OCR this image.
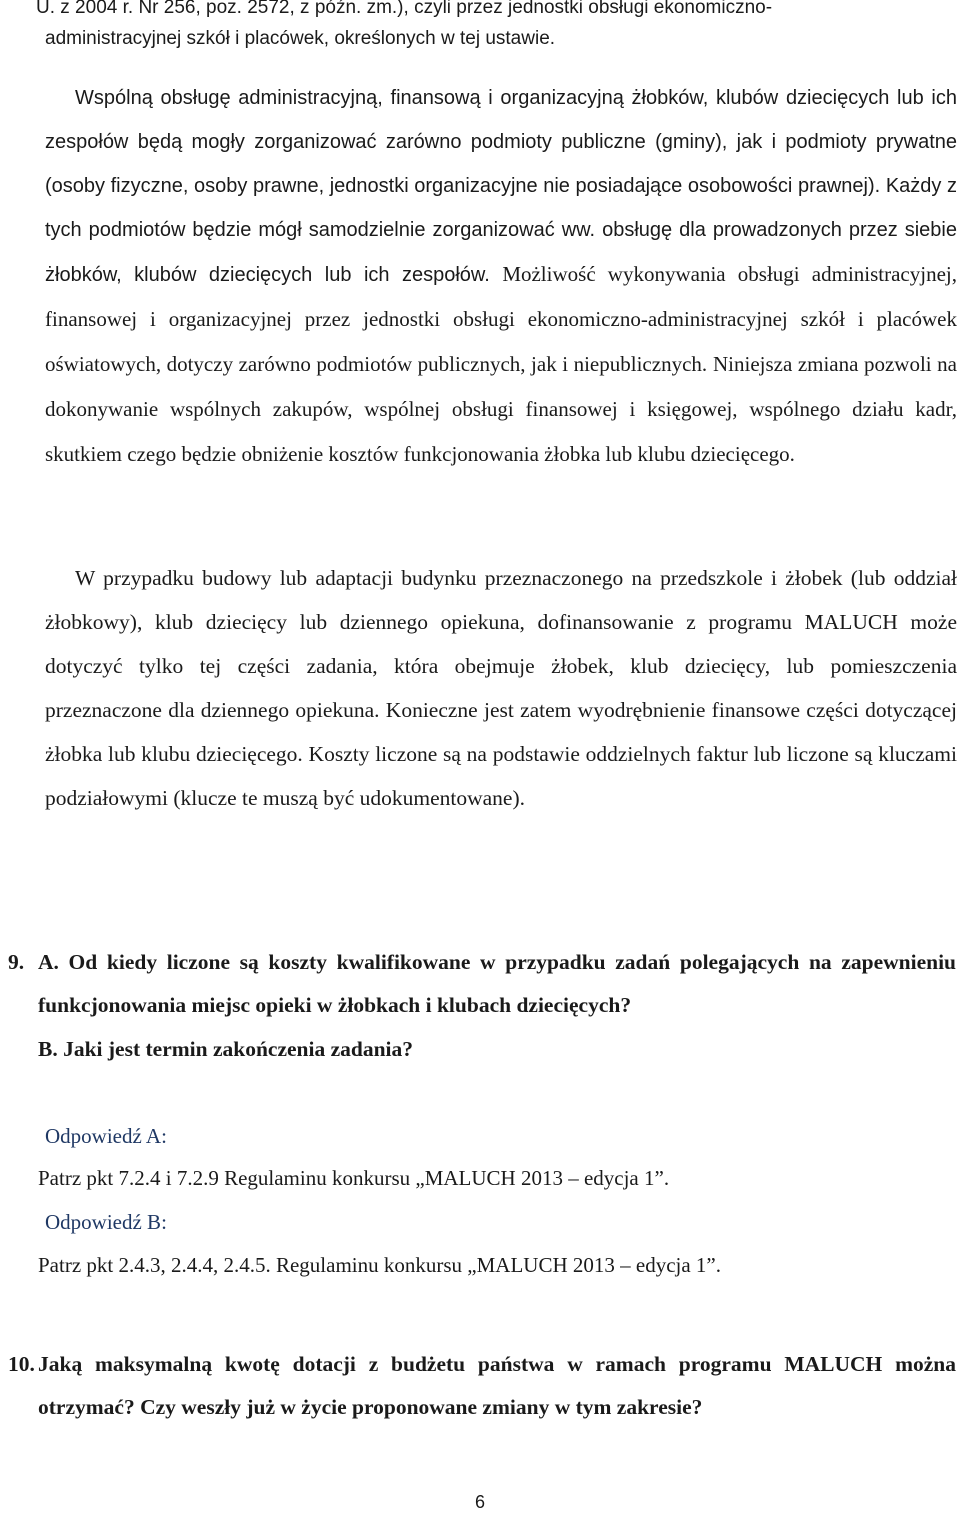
U. z 2004 r. Nr 256, poz. 2572, z późn. zm.), czyli przez jednostki obsługi ekonomiczno-
administracyjnej szkół i placówek, określonych w tej ustawie.

Wspólną obsługę administracyjną, finansową i organizacyjną żłobków, klubów dziecięcych lub ich zespołów będą mogły zorganizować zarówno podmioty publiczne (gminy), jak i podmioty prywatne (osoby fizyczne, osoby prawne, jednostki organizacyjne nie posiadające osobowości prawnej). Każdy z tych podmiotów będzie mógł samodzielnie zorganizować ww. obsługę dla prowadzonych przez siebie żłobków, klubów dziecięcych lub ich zespołów. Możliwość wykonywania obsługi administracyjnej, finansowej i organizacyjnej przez jednostki obsługi ekonomiczno-administracyjnej szkół i placówek oświatowych, dotyczy zarówno podmiotów publicznych, jak i niepublicznych. Niniejsza zmiana pozwoli na dokonywanie wspólnych zakupów, wspólnej obsługi finansowej i księgowej, wspólnego działu kadr, skutkiem czego będzie obniżenie kosztów funkcjonowania żłobka lub klubu dziecięcego.

W przypadku budowy lub adaptacji budynku przeznaczonego na przedszkole i żłobek (lub oddział żłobkowy), klub dziecięcy lub dziennego opiekuna, dofinansowanie z programu MALUCH może dotyczyć tylko tej części zadania, która obejmuje żłobek, klub dziecięcy, lub pomieszczenia przeznaczone dla dziennego opiekuna. Konieczne jest zatem wyodrębnienie finansowe części dotyczącej żłobka lub klubu dziecięcego. Koszty liczone są na podstawie oddzielnych faktur lub liczone są kluczami podziałowymi (klucze te muszą być udokumentowane).

9. A. Od kiedy liczone są koszty kwalifikowane w przypadku zadań polegających na zapewnieniu funkcjonowania miejsc opieki w żłobkach i klubach dziecięcych?
B. Jaki jest termin zakończenia zadania?
Odpowiedź A:
Patrz pkt 7.2.4 i 7.2.9 Regulaminu konkursu „MALUCH 2013 – edycja 1”.
Odpowiedź B:
Patrz pkt 2.4.3, 2.4.4, 2.4.5. Regulaminu konkursu „MALUCH 2013 – edycja 1”.
10. Jaką maksymalną kwotę dotacji z budżetu państwa w ramach programu MALUCH można otrzymać? Czy weszły już w życie proponowane zmiany w tym zakresie?
6
